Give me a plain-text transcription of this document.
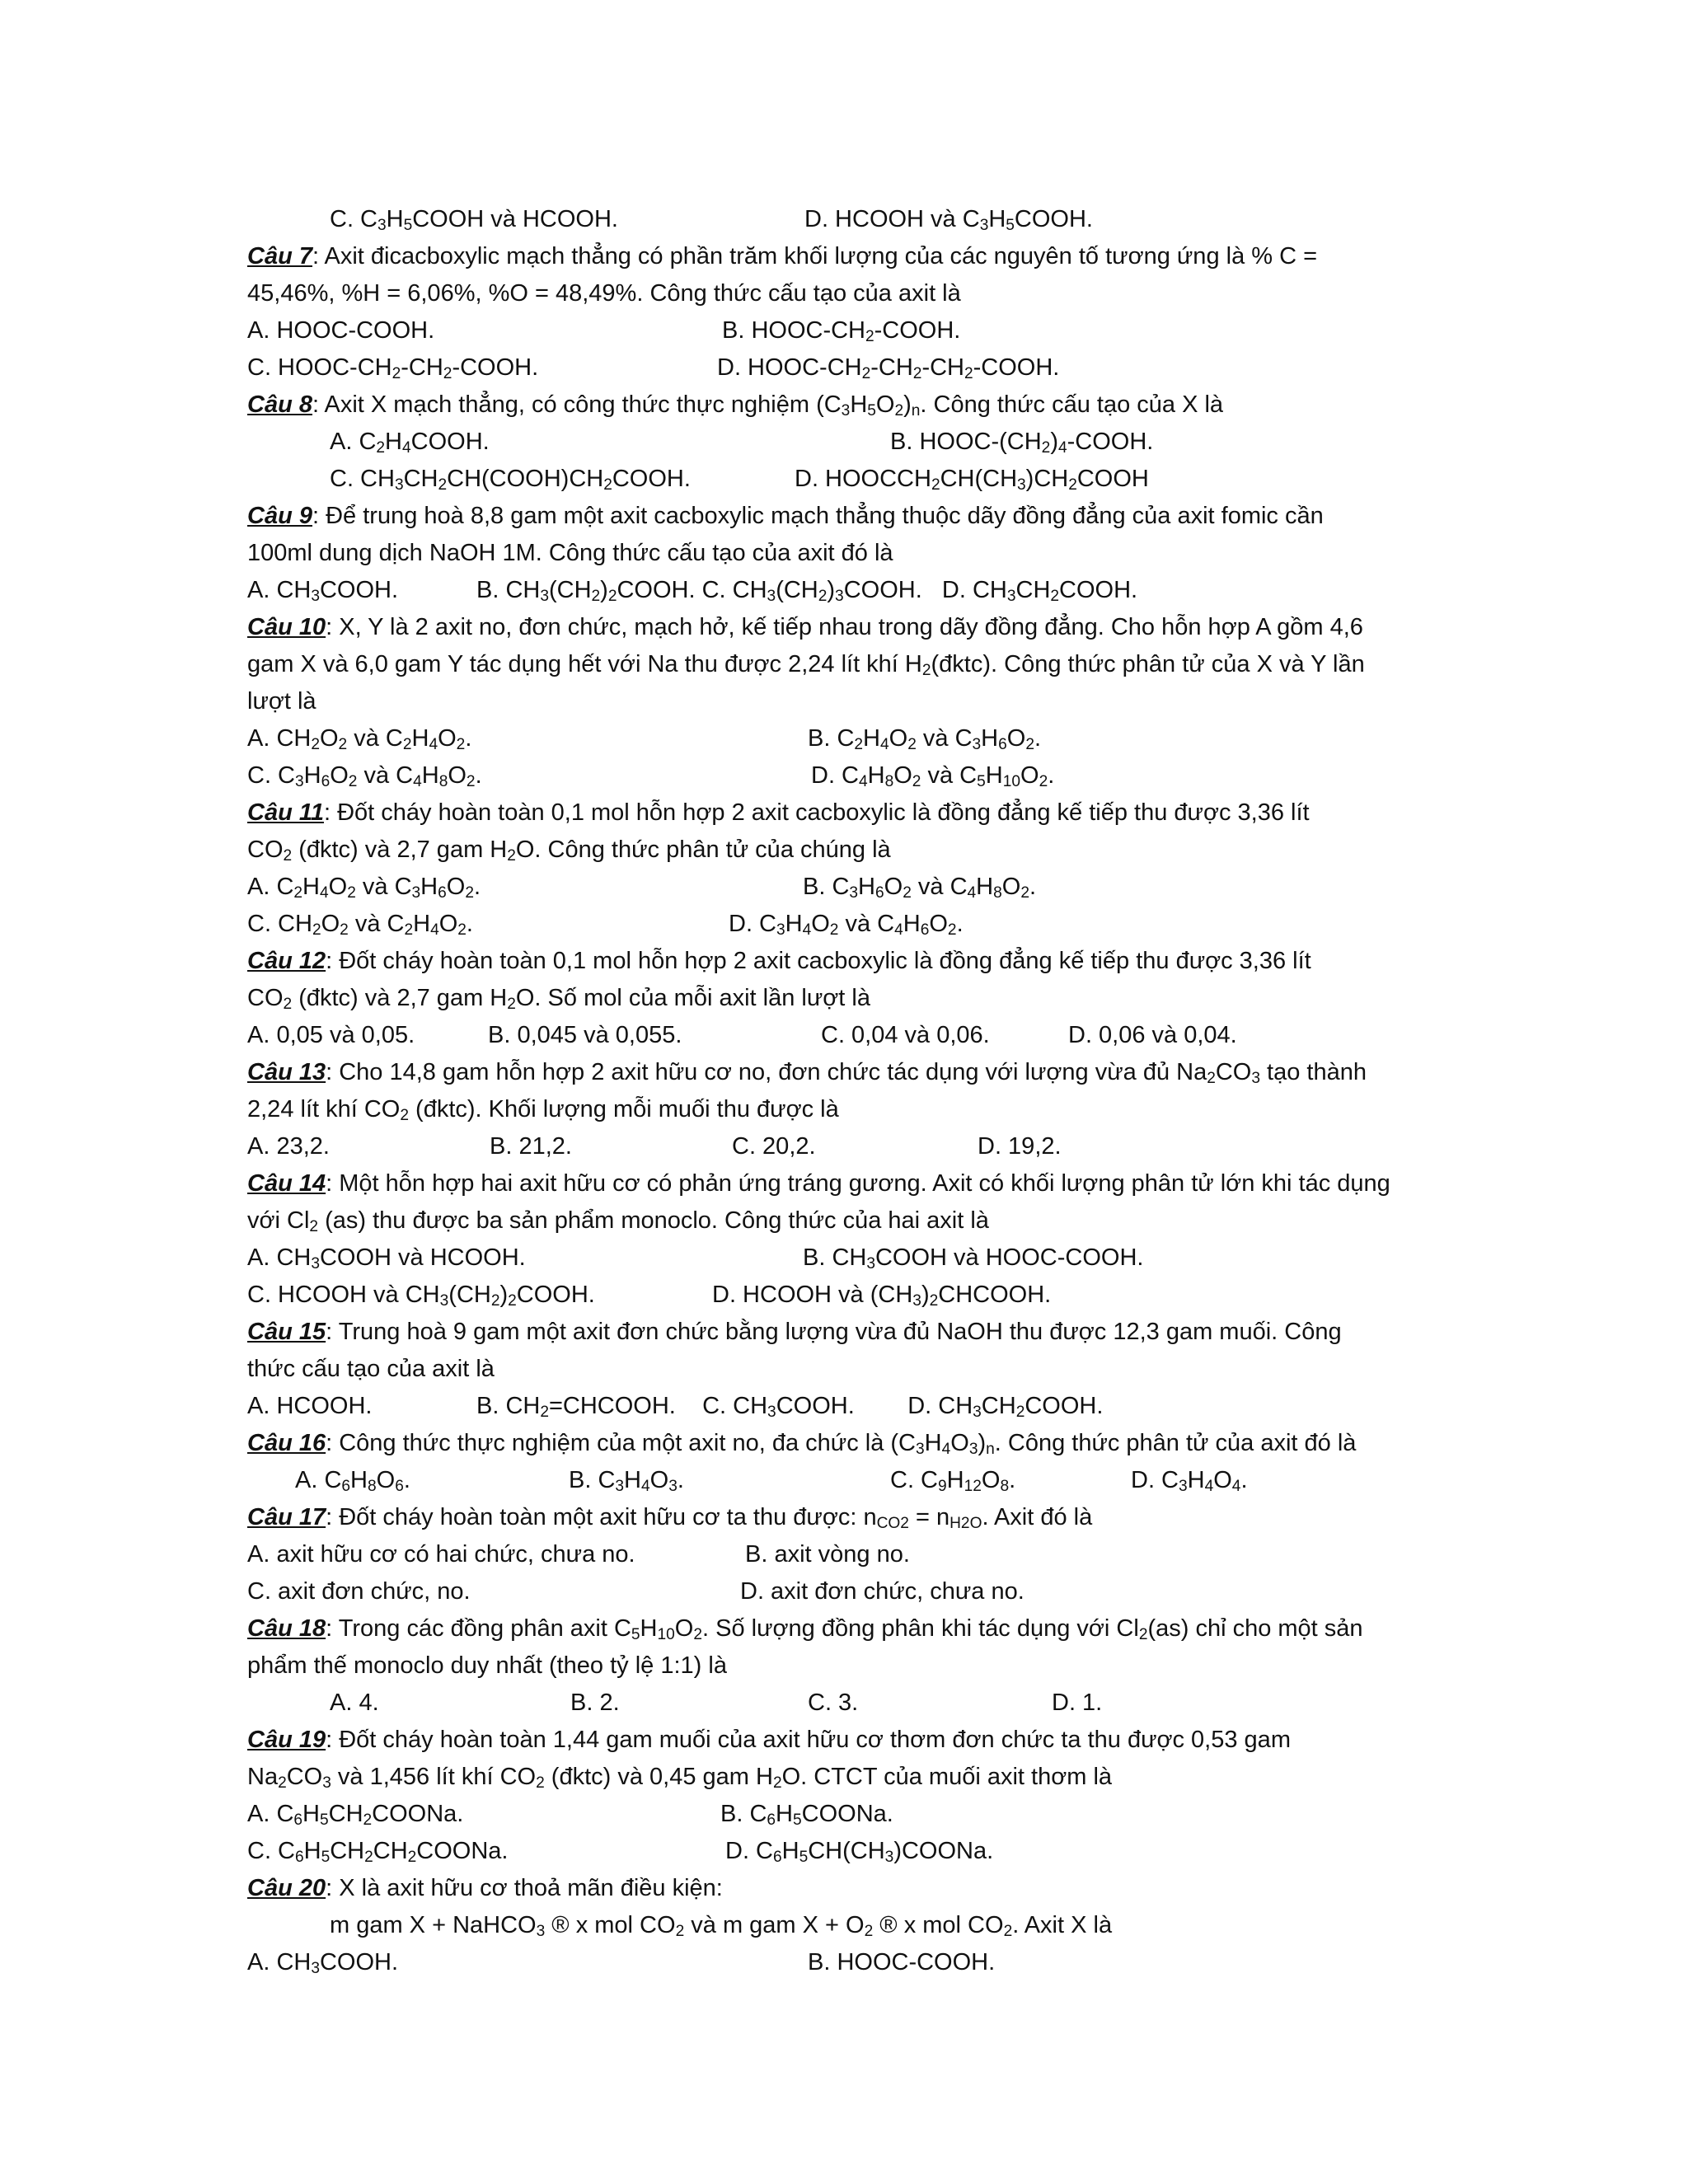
C. $C_3H_5COOH$ và HCOOH.	D. HCOOH và $C_3H_5COOH$.
Câu 7: Axit đicacboxylic mạch thẳng có phần trăm khối lượng của các nguyên tố tương ứng là % C =
45,46%, %H = 6,06%, %O = 48,49%. Công thức cấu tạo của axit là
A. HOOC-COOH.	B. HOOC-$CH_2$-COOH.
C. HOOC-$CH_2-CH_2$-COOH.	D. HOOC-$CH_2-CH_2-CH_2$-COOH.
Câu 8: Axit X mạch thẳng, có công thức thực nghiệm $(C_3H_5O_2)_n$. Công thức cấu tạo của X là
A. $C_2H_4COOH$.	B. HOOC-$(CH_2)_4$-COOH.
C. $CH_3CH_2CH(COOH)CH_2COOH$.	D. $HOOCCH_2CH(CH_3)CH_2COOH$
Câu 9: Để trung hoà 8,8 gam một axit cacboxylic mạch thẳng thuộc dãy đồng đẳng của axit fomic cần
100ml dung dịch NaOH 1M. Công thức cấu tạo của axit đó là
A. $CH_3COOH$.	B. $CH_3(CH_2)_2COOH$. C. $CH_3(CH_2)_3COOH$.   D. $CH_3CH_2COOH$.
Câu 10: X, Y là 2 axit no, đơn chức, mạch hở, kế tiếp nhau trong dãy đồng đẳng. Cho hỗn hợp A gồm 4,6
gam X và 6,0 gam Y tác dụng hết với Na thu được 2,24 lít khí $H_2(đktc)$. Công thức phân tử của X và Y lần
lượt là
A. $CH_2O_2$ và $C_2H_4O_2$.	B. $C_2H_4O_2$ và $C_3H_6O_2$.
C. $C_3H_6O_2$ và $C_4H_8O_2$.	D. $C_4H_8O_2$ và $C_5H_{10}O_2$.
Câu 11: Đốt cháy hoàn toàn 0,1 mol hỗn hợp 2 axit cacboxylic là đồng đẳng kế tiếp thu được 3,36 lít
$CO_2$ (đktc) và 2,7 gam $H_2O$. Công thức phân tử của chúng là
A. $C_2H_4O_2$ và $C_3H_6O_2$.	B. $C_3H_6O_2$ và $C_4H_8O_2$.
C. $CH_2O_2$ và $C_2H_4O_2$.	D. $C_3H_4O_2$ và $C_4H_6O_2$.
Câu 12: Đốt cháy hoàn toàn 0,1 mol hỗn hợp 2 axit cacboxylic là đồng đẳng kế tiếp thu được 3,36 lít
$CO_2$ (đktc) và 2,7 gam $H_2O$. Số mol của mỗi axit lần lượt là
A. 0,05 và 0,05.	B. 0,045 và 0,055.	C. 0,04 và 0,06.	D. 0,06 và 0,04.
Câu 13: Cho 14,8 gam hỗn hợp 2 axit hữu cơ no, đơn chức tác dụng với lượng vừa đủ $Na_2CO_3$ tạo thành
2,24 lít khí $CO_2$ (đktc). Khối lượng mỗi muối thu được là
A. 23,2.	B. 21,2.	C. 20,2.	D. 19,2.
Câu 14: Một hỗn hợp hai axit hữu cơ có phản ứng tráng gương. Axit có khối lượng phân tử lớn khi tác dụng
với $Cl_2$ (as) thu được ba sản phẩm monoclo. Công thức của hai axit là
A. $CH_3COOH$ và HCOOH.	B. $CH_3COOH$ và HOOC-COOH.
C. HCOOH và $CH_3(CH_2)_2COOH$.	D. HCOOH và $(CH_3)_2CHCOOH$.
Câu 15: Trung hoà 9 gam một axit đơn chức bằng lượng vừa đủ NaOH thu được 12,3 gam muối. Công
thức cấu tạo của axit là
A. HCOOH.	B. $CH_2=CHCOOH$.    C. $CH_3COOH$.        D. $CH_3CH_2COOH$.
Câu 16: Công thức thực nghiệm của một axit no, đa chức là $(C_3H_4O_3)_n$. Công thức phân tử của axit đó là
A. $C_6H_8O_6$.	B. $C_3H_4O_3$.	C. $C_9H_{12}O_8$.	D. $C_3H_4O_4$.
Câu 17: Đốt cháy hoàn toàn một axit hữu cơ ta thu được: $n_{CO2} = n_{H2O}$. Axit đó là
A. axit hữu cơ có hai chức, chưa no.	B. axit vòng no.
C. axit đơn chức, no.	D. axit đơn chức, chưa no.
Câu 18: Trong các đồng phân axit $C_5H_{10}O_2$. Số lượng đồng phân khi tác dụng với $Cl_2(as)$ chỉ cho một sản
phẩm thế monoclo duy nhất (theo tỷ lệ 1:1) là
A. 4.	B. 2.	C. 3.	D. 1.
Câu 19: Đốt cháy hoàn toàn 1,44 gam muối của axit hữu cơ thơm đơn chức ta thu được 0,53 gam
$Na_2CO_3$ và 1,456 lít khí $CO_2$ (đktc) và 0,45 gam $H_2O$. CTCT của muối axit thơm là
A. $C_6H_5CH_2COONa$.	B. $C_6H_5COONa$.
C. $C_6H_5CH_2CH_2COONa$.	D. $C_6H_5CH(CH_3)COONa$.
Câu 20: X là axit hữu cơ thoả mãn điều kiện:
m gam X + NaHCO$_3$ ® x mol $CO_2$ và m gam $X + O_2$ ® x mol $CO_2$. Axit X là
A. $CH_3COOH$.	B. HOOC-COOH.
